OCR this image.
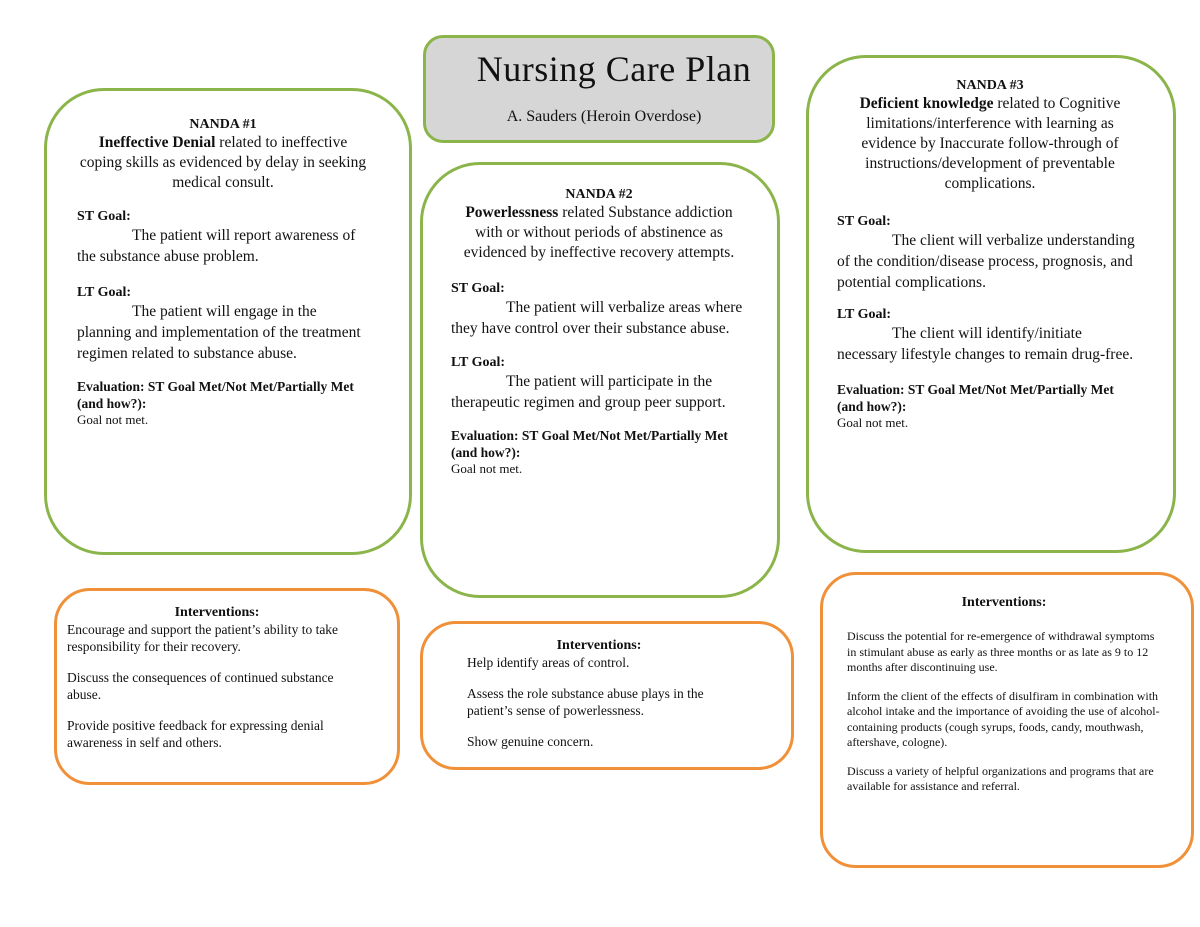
Nursing Care Plan
A. Sauders (Heroin Overdose)
NANDA #1
Ineffective Denial related to ineffective coping skills as evidenced by delay in seeking medical consult.
ST Goal:
The patient will report awareness of the substance abuse problem.
LT Goal:
The patient will engage in the planning and implementation of the treatment regimen related to substance abuse.
Evaluation: ST Goal Met/Not Met/Partially Met (and how?):
Goal not met.
NANDA #2
Powerlessness related Substance addiction with or without periods of abstinence as evidenced by ineffective recovery attempts.
ST Goal:
The patient will verbalize areas where they have control over their substance abuse.
LT Goal:
The patient will participate in the therapeutic regimen and group peer support.
Evaluation: ST Goal Met/Not Met/Partially Met (and how?):
Goal not met.
NANDA #3
Deficient knowledge related to Cognitive limitations/interference with learning as evidence by Inaccurate follow-through of instructions/development of preventable complications.
ST Goal:
The client will verbalize understanding of the condition/disease process, prognosis, and potential complications.
LT Goal:
The client will identify/initiate necessary lifestyle changes to remain drug-free.
Evaluation: ST Goal Met/Not Met/Partially Met (and how?):
Goal not met.
Interventions:

Encourage and support the patient’s ability to take responsibility for their recovery.

Discuss the consequences of continued substance abuse.

Provide positive feedback for expressing denial awareness in self and others.

Interventions:

Help identify areas of control.

Assess the role substance abuse plays in the patient’s sense of powerlessness.

Show genuine concern.

Interventions:

Discuss the potential for re-emergence of withdrawal symptoms in stimulant abuse as early as three months or as late as 9 to 12 months after discontinuing use.

Inform the client of the effects of disulfiram in combination with alcohol intake and the importance of avoiding the use of alcohol-containing products (cough syrups, foods, candy, mouthwash, aftershave, cologne).

Discuss a variety of helpful organizations and programs that are available for assistance and referral.
